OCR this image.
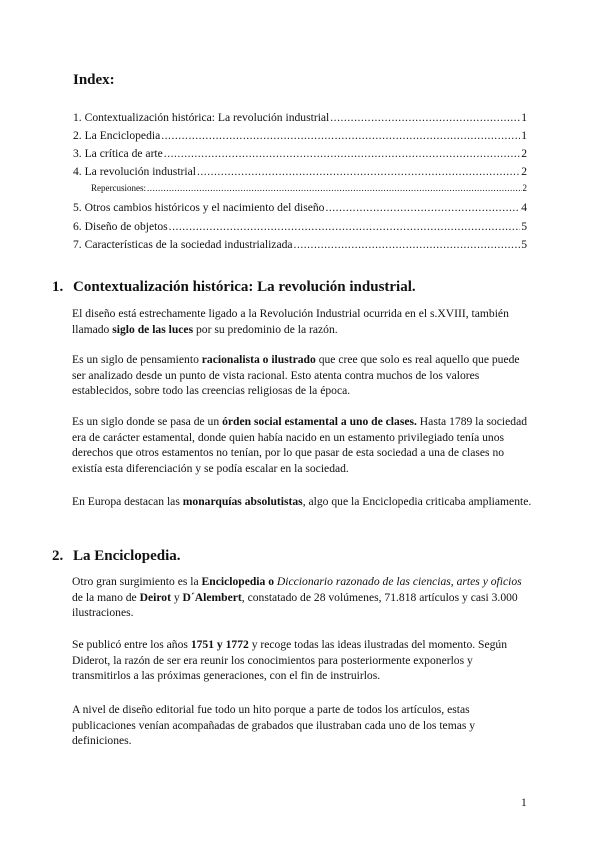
Index:
1. Contextualización histórica: La revolución industrial .....	1
2. La Enciclopedia .....	1
3. La crítica de arte .....	2
4. La revolución industrial .....	2
Repercusiones: .....	2
5. Otros cambios históricos y el nacimiento del diseño .....	4
6. Diseño de objetos .....	5
7. Características de la sociedad industrializada .....	5
1. Contextualización histórica: La revolución industrial.

El diseño está estrechamente ligado a la Revolución Industrial ocurrida en el s.XVIII, también llamado siglo de las luces por su predominio de la razón.

Es un siglo de pensamiento racionalista o ilustrado que cree que solo es real aquello que puede ser analizado desde un punto de vista racional. Esto atenta contra muchos de los valores establecidos, sobre todo las creencias religiosas de la época.

Es un siglo donde se pasa de un órden social estamental a uno de clases. Hasta 1789 la sociedad era de carácter estamental, donde quien había nacido en un estamento privilegiado tenía unos derechos que otros estamentos no tenían, por lo que pasar de esta sociedad a una de clases no existía esta diferenciación y se podía escalar en la sociedad.

En Europa destacan las monarquías absolutistas, algo que la Enciclopedia criticaba ampliamente.

2. La Enciclopedia.

Otro gran surgimiento es la Enciclopedia o Diccionario razonado de las ciencias, artes y oficios de la mano de Deirot y D´Alembert, constatado de 28 volúmenes, 71.818 artículos y casi 3.000 ilustraciones.

Se publicó entre los años 1751 y 1772 y recoge todas las ideas ilustradas del momento. Según Diderot, la razón de ser era reunir los conocimientos para posteriormente exponerlos y transmitirlos a las próximas generaciones, con el fin de instruirlos.

A nivel de diseño editorial fue todo un hito porque a parte de todos los artículos, estas publicaciones venían acompañadas de grabados que ilustraban cada uno de los temas y definiciones.

1
